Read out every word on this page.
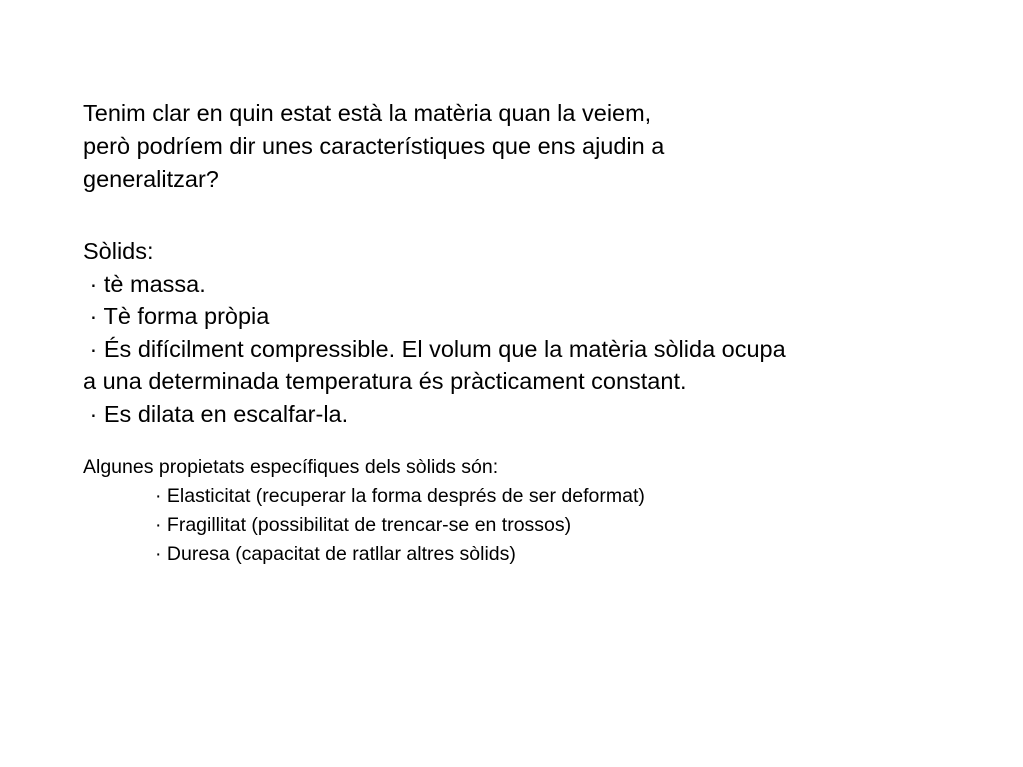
Tenim clar en quin estat està la matèria quan la veiem,
però podríem dir unes característiques que ens ajudin a
generalitzar?

Sòlids:
· tè massa.
· Tè forma pròpia
· És difícilment compressible. El volum que la matèria sòlida ocupa
a una determinada temperatura és pràcticament constant.
· Es dilata en escalfar-la.
Algunes propietats específiques dels sòlids són:
· Elasticitat (recuperar la forma després de ser deformat)
· Fragillitat (possibilitat de trencar-se en trossos)
· Duresa (capacitat de ratllar altres sòlids)
